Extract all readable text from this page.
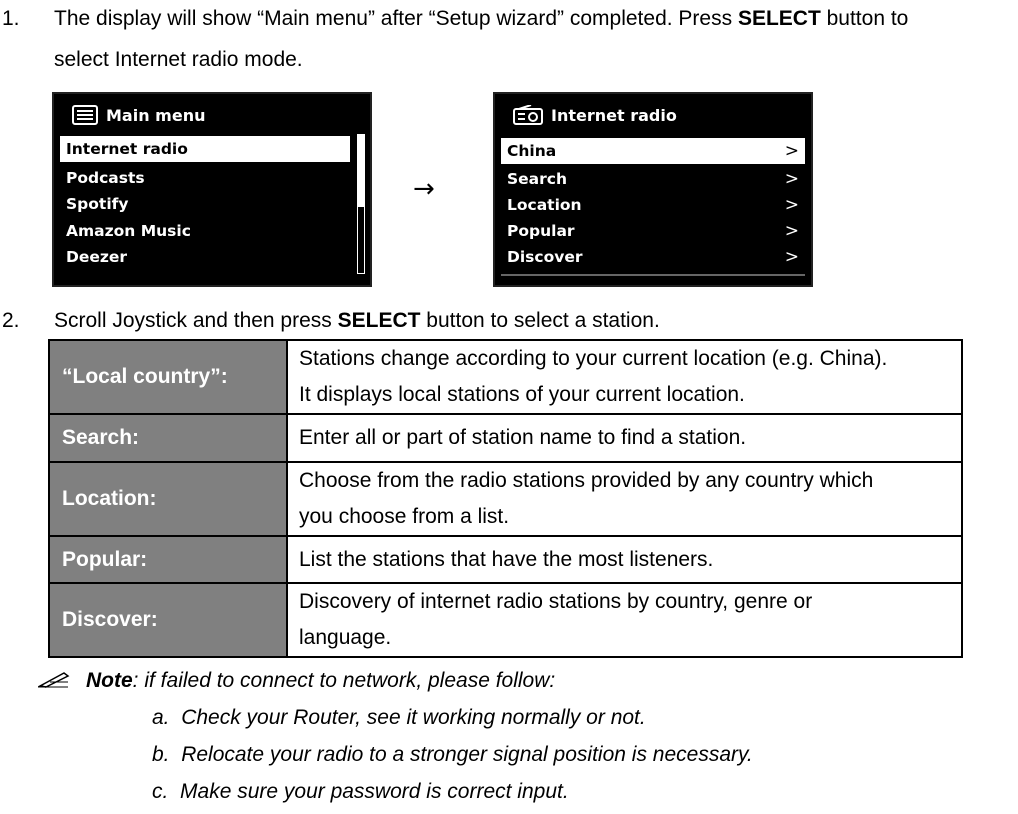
1. The display will show “Main menu” after “Setup wizard” completed. Press SELECT button to
select Internet radio mode.
Main menu
Internet radio
Podcasts
Spotify
Amazon Music
Deezer
→
Internet radio
China	>
Search	>
Location	>
Popular	>
Discover	>
2. Scroll Joystick and then press SELECT button to select a station.
“Local country”:	Stations change according to your current location (e.g. China).
It displays local stations of your current location.
Search:	Enter all or part of station name to find a station.
Location:	Choose from the radio stations provided by any country which
you choose from a list.
Popular:	List the stations that have the most listeners.
Discover:	Discovery of internet radio stations by country, genre or
language.
Note: if failed to connect to network, please follow:
a. Check your Router, see it working normally or not.
b. Relocate your radio to a stronger signal position is necessary.
c. Make sure your password is correct input.
